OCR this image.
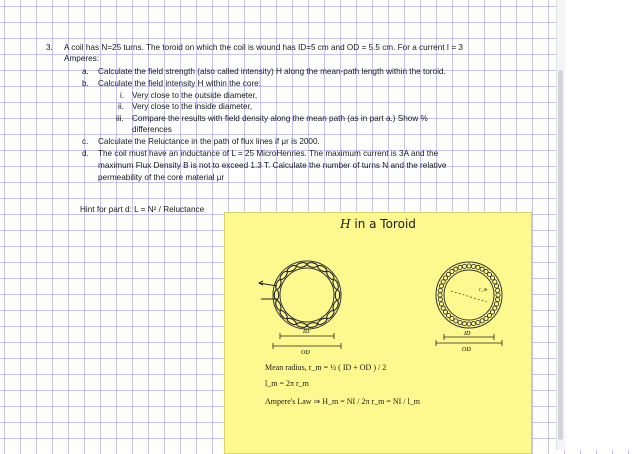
3. A coil has N=25 turns. The toroid on which the coil is wound has ID=5 cm and OD = 5.5 cm. For a current I = 3
Amperes:
a. Calculate the field strength (also called intensity) H along the mean-path length within the toroid.
b. Calculate the field intensity H within the core:
i. Very close to the outside diameter,
ii. Very close to the inside diameter,
iii. Compare the results with field density along the mean path (as in part a.) Show %
differences
c. Calculate the Reluctance in the path of flux lines if μr is 2000.
d. The coil must have an inductance of L = 25 MicroHenries. The maximum current is 3A and the
maximum Flux Density B is not to exceed 1.3 T. Calculate the number of turns N and the relative
permeability of the core material μr
Hint for part d: L = N² / Reluctance
H in a Toroid
ID
OD
r_m
ID
OD
Mean radius, r_m = ½ ( ID + OD ) / 2
l_m = 2π r_m
Ampere's Law ⇒ H_m = NI / 2π r_m = NI / l_m
